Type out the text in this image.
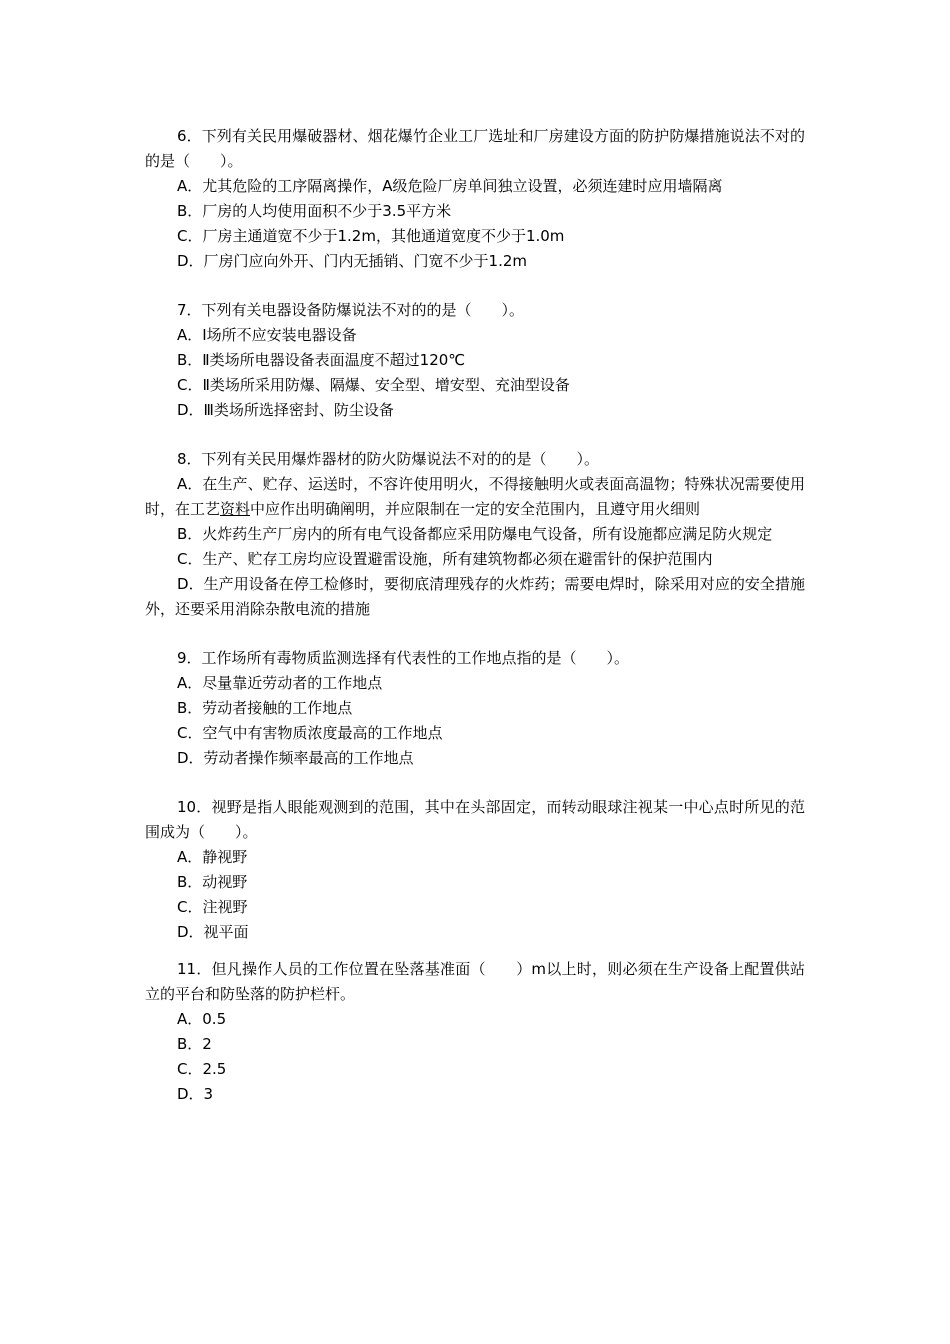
6．下列有关民用爆破器材、烟花爆竹企业工厂选址和厂房建设方面的防护防爆措施说法不对的的是（　　）。

A．尤其危险的工序隔离操作，A级危险厂房单间独立设置，必须连建时应用墙隔离

B．厂房的人均使用面积不少于3.5平方米

C．厂房主通道宽不少于1.2m，其他通道宽度不少于1.0m

D．厂房门应向外开、门内无插销、门宽不少于1.2m

7．下列有关电器设备防爆说法不对的的是（　　）。

A．Ⅰ场所不应安装电器设备

B．Ⅱ类场所电器设备表面温度不超过120℃

C．Ⅱ类场所采用防爆、隔爆、安全型、增安型、充油型设备

D．Ⅲ类场所选择密封、防尘设备

8．下列有关民用爆炸器材的防火防爆说法不对的的是（　　）。

A．在生产、贮存、运送时，不容许使用明火，不得接触明火或表面高温物；特殊状况需要使用时，在工艺资料中应作出明确阐明，并应限制在一定的安全范围内，且遵守用火细则

B．火炸药生产厂房内的所有电气设备都应采用防爆电气设备，所有设施都应满足防火规定

C．生产、贮存工房均应设置避雷设施，所有建筑物都必须在避雷针的保护范围内

D．生产用设备在停工检修时，要彻底清理残存的火炸药；需要电焊时，除采用对应的安全措施外，还要采用消除杂散电流的措施

9．工作场所有毒物质监测选择有代表性的工作地点指的是（　　）。

A．尽量靠近劳动者的工作地点

B．劳动者接触的工作地点

C．空气中有害物质浓度最高的工作地点

D．劳动者操作频率最高的工作地点

10．视野是指人眼能观测到的范围，其中在头部固定，而转动眼球注视某一中心点时所见的范围成为（　　）。

A．静视野

B．动视野

C．注视野

D．视平面

11．但凡操作人员的工作位置在坠落基准面（　　）m以上时，则必须在生产设备上配置供站立的平台和防坠落的防护栏杆。

A．0.5

B．2

C．2.5

D．3
